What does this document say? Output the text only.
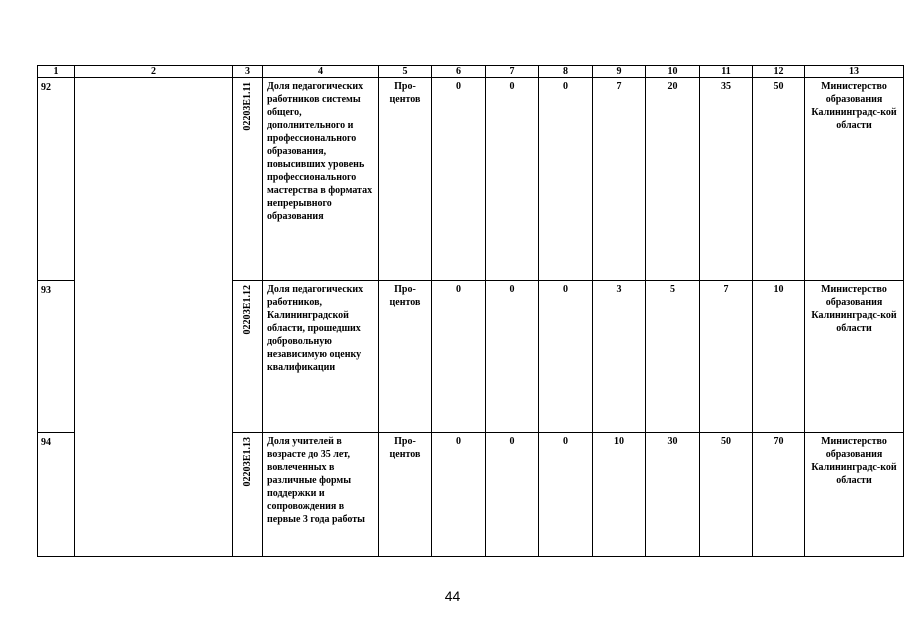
1	2	3	4	5	6	7	8	9	10	11	12	13
92		02203E1.11	Доля педагогических работников системы общего, дополнительного и профессионального образования, повысивших уровень профессионального мастерства в форматах непрерывного образования	Про-центов	0	0	0	7	20	35	50	Министерство образования Калининградс-кой области
93		0220ЗЕ1.12	Доля педагогических работников, Калининградской области, прошедших добровольную независимую оценку квалификации	Про-центов	0	0	0	3	5	7	10	Министерство образования Калининградс-кой области
94		0220ЗЕ1.13	Доля учителей в возрасте до 35 лет, вовлеченных в различные формы поддержки и сопровождения в первые 3 года работы	Про-центов	0	0	0	10	30	50	70	Министерство образования Калининградс-кой области
44
